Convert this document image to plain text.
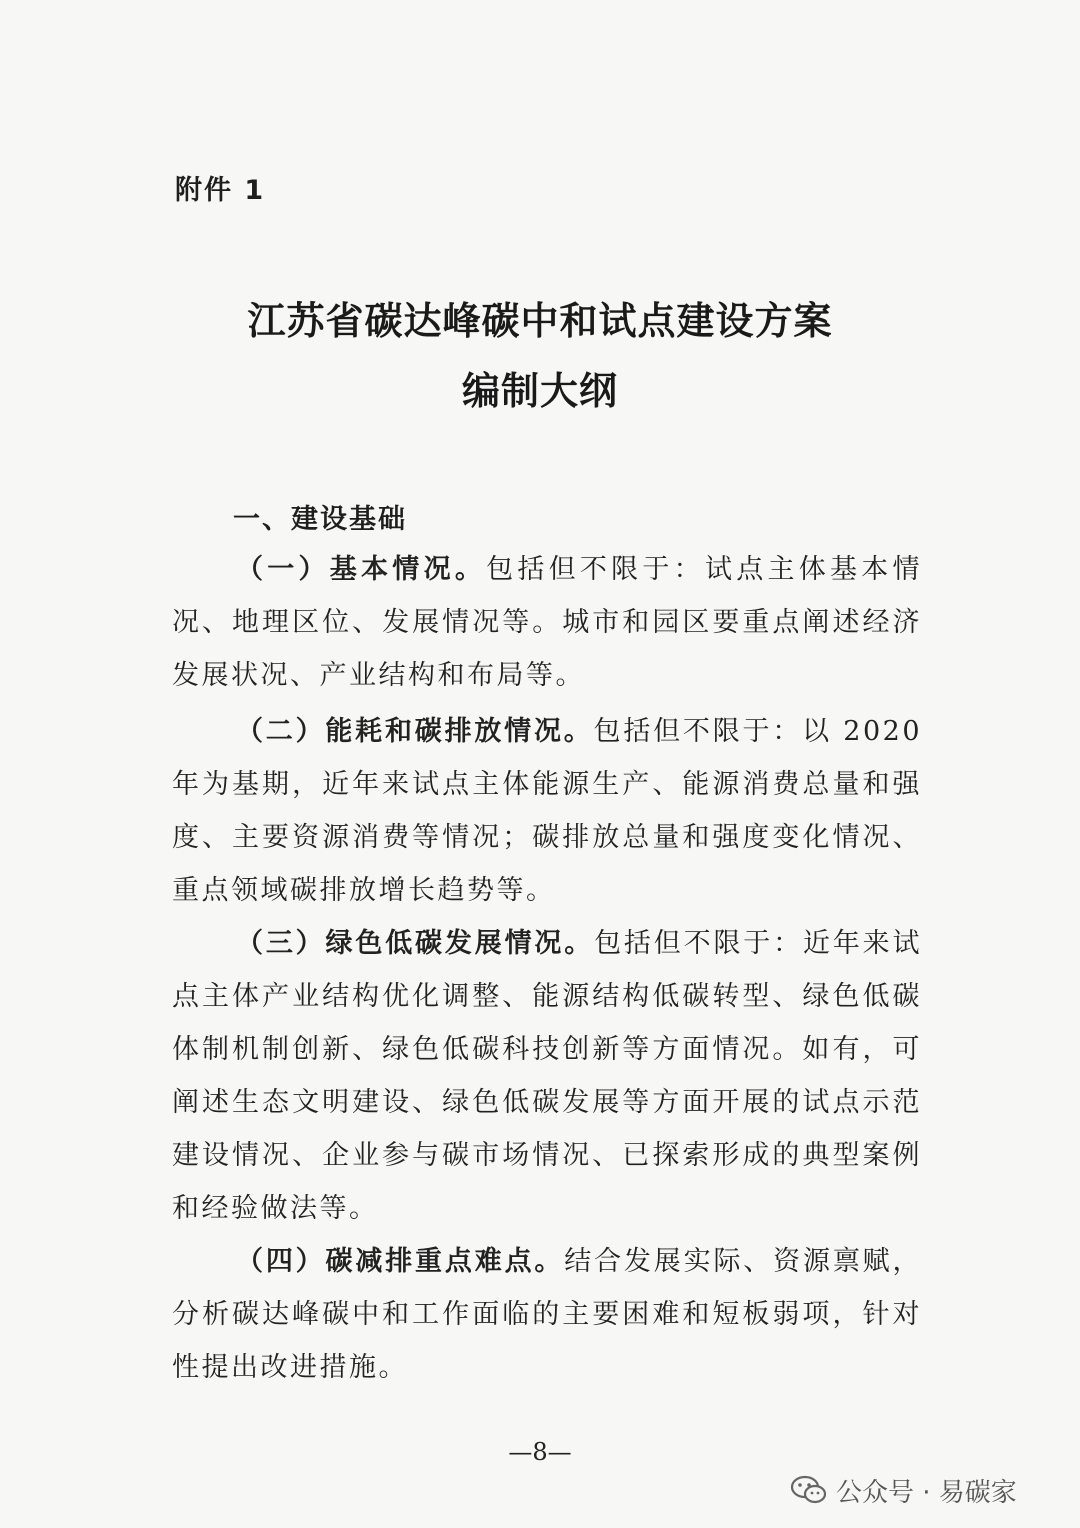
附件 1
江苏省碳达峰碳中和试点建设方案
编制大纲
一、建设基础

（一）基本情况。包括但不限于：试点主体基本情况、地理区位、发展情况等。城市和园区要重点阐述经济发展状况、产业结构和布局等。

（二）能耗和碳排放情况。包括但不限于：以 2020 年为基期，近年来试点主体能源生产、能源消费总量和强度、主要资源消费等情况；碳排放总量和强度变化情况、重点领域碳排放增长趋势等。

（三）绿色低碳发展情况。包括但不限于：近年来试点主体产业结构优化调整、能源结构低碳转型、绿色低碳体制机制创新、绿色低碳科技创新等方面情况。如有，可阐述生态文明建设、绿色低碳发展等方面开展的试点示范建设情况、企业参与碳市场情况、已探索形成的典型案例和经验做法等。

（四）碳减排重点难点。结合发展实际、资源禀赋，分析碳达峰碳中和工作面临的主要困难和短板弱项，针对性提出改进措施。

—8—
公众号 · 易碳家
